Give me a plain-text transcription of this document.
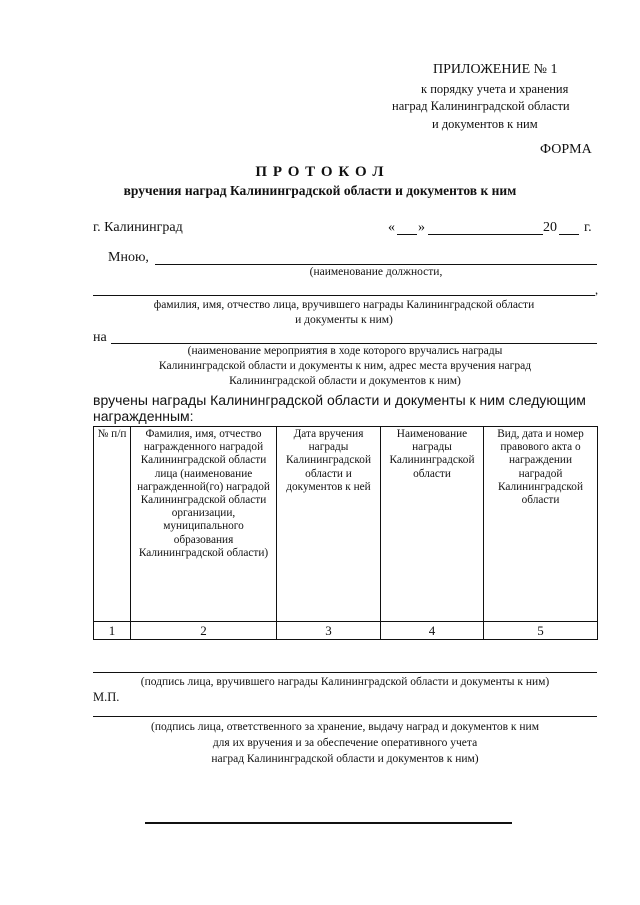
ПРИЛОЖЕНИЕ № 1
к порядку учета и хранения
наград Калининградской области
и документов к ним
ФОРМА
П Р О Т О К О Л
вручения наград Калининградской области и документов к ним
г. Калининград	« »	20 г.
Мною,
(наименование должности,
,
фамилия, имя, отчество лица, вручившего награды Калининградской области
и документы к ним)
на
(наименование мероприятия в ходе которого вручались награды
Калининградской области и документы к ним, адрес места вручения наград
Калининградской области и документов к ним)
вручены награды Калининградской области и документы к ним следующим
награжденным:
№ п/п	Фамилия, имя, отчество награжденного наградой Калининградской области лица (наименование награжденной(го) наградой Калининградской области организации, муниципального образования Калининградской области)	Дата вручения награды Калининградской области и документов к ней	Наименование награды Калининградской области	Вид, дата и номер правового акта о награждении наградой Калининградской области
1	2	3	4	5
(подпись лица, вручившего награды Калининградской области и документы к ним)
М.П.
(подпись лица, ответственного за хранение, выдачу наград и документов к ним
для их вручения и за обеспечение оперативного учета
наград Калининградской области и документов к ним)
